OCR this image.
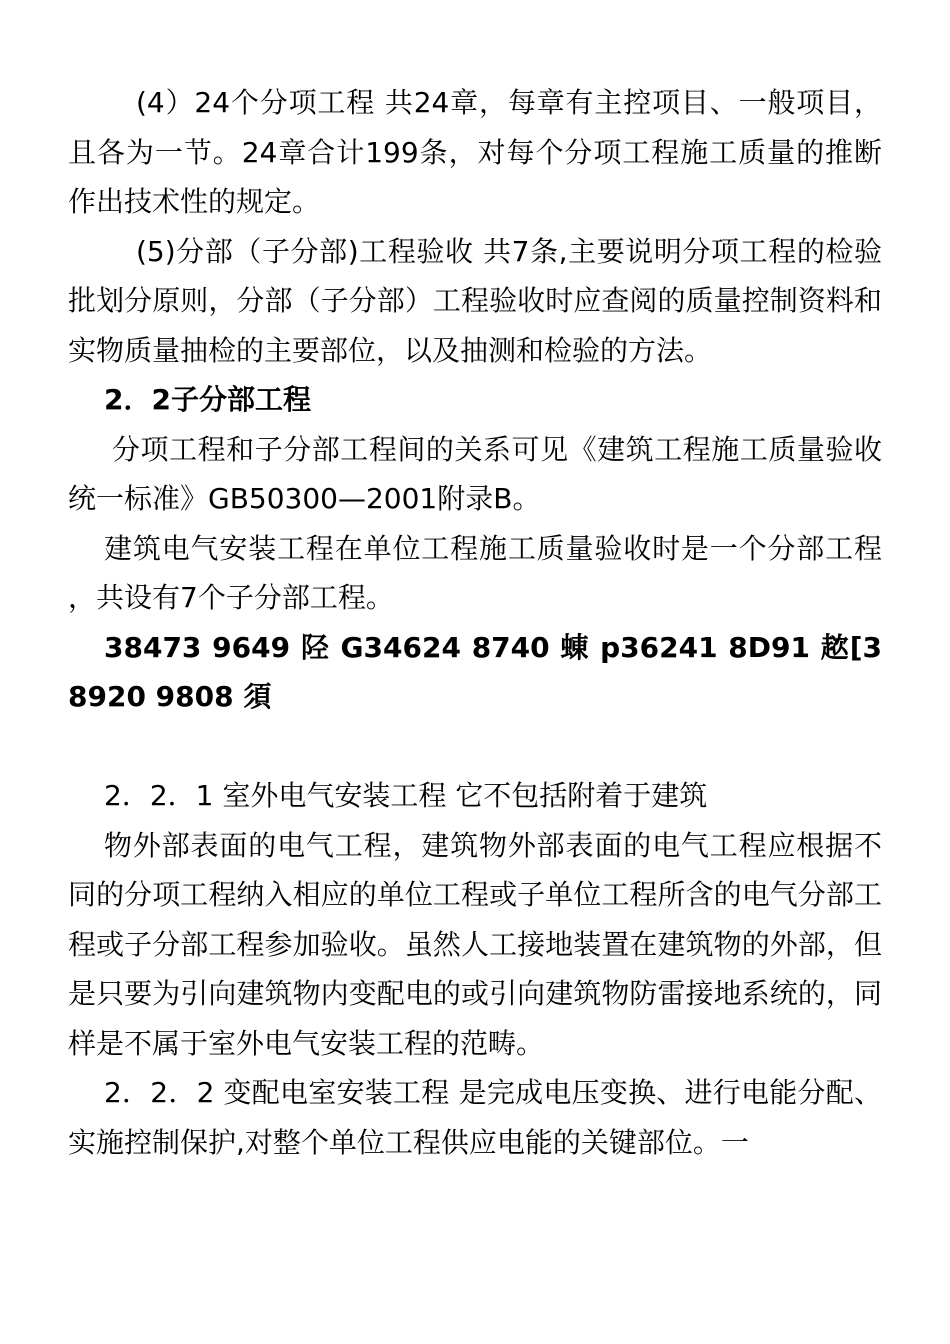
(4）24个分项工程 共24章，每章有主控项目、一般项目，且各为一节。24章合计199条，对每个分项工程施工质量的推断作出技术性的规定。

(5)分部（子分部)工程验收 共7条,主要说明分项工程的检验批划分原则，分部（子分部）工程验收时应查阅的质量控制资料和实物质量抽检的主要部位，以及抽测和检验的方法。

2．2子分部工程

分项工程和子分部工程间的关系可见《建筑工程施工质量验收统一标准》GB50300—2001附录B。

建筑电气安装工程在单位工程施工质量验收时是一个分部工程，共设有7个子分部工程。

38473 9649 陉 G34624 8740 蝀 p36241 8D91 趑[38920 9808 須

2．2．1 室外电气安装工程 它不包括附着于建筑

物外部表面的电气工程，建筑物外部表面的电气工程应根据不同的分项工程纳入相应的单位工程或子单位工程所含的电气分部工程或子分部工程参加验收。虽然人工接地装置在建筑物的外部，但是只要为引向建筑物内变配电的或引向建筑物防雷接地系统的，同样是不属于室外电气安装工程的范畴。

2．2．2 变配电室安装工程 是完成电压变换、进行电能分配、实施控制保护,对整个单位工程供应电能的关键部位。一
